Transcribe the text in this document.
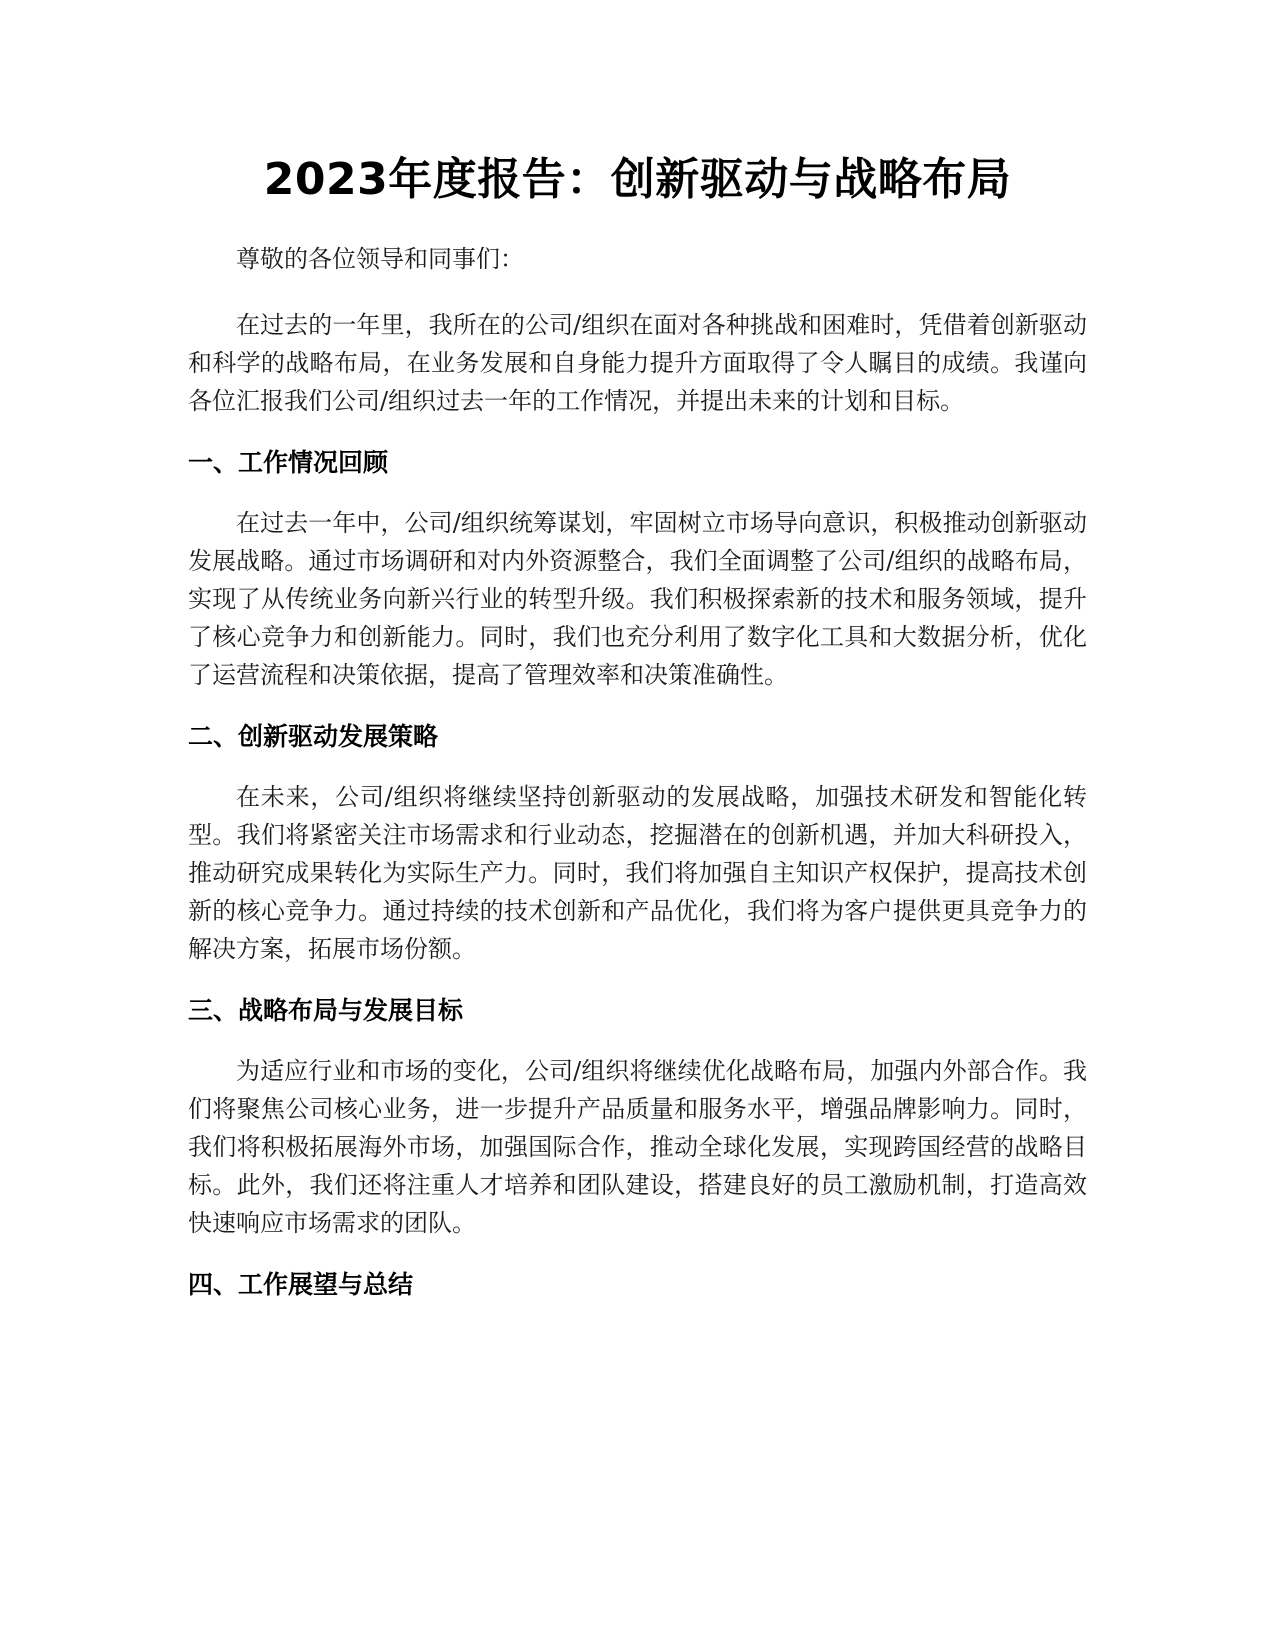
2023年度报告：创新驱动与战略布局

尊敬的各位领导和同事们：

在过去的一年里，我所在的公司/组织在面对各种挑战和困难时，凭借着创新驱动和科学的战略布局，在业务发展和自身能力提升方面取得了令人瞩目的成绩。我谨向各位汇报我们公司/组织过去一年的工作情况，并提出未来的计划和目标。

一、工作情况回顾

在过去一年中，公司/组织统筹谋划，牢固树立市场导向意识，积极推动创新驱动发展战略。通过市场调研和对内外资源整合，我们全面调整了公司/组织的战略布局，实现了从传统业务向新兴行业的转型升级。我们积极探索新的技术和服务领域，提升了核心竞争力和创新能力。同时，我们也充分利用了数字化工具和大数据分析，优化了运营流程和决策依据，提高了管理效率和决策准确性。

二、创新驱动发展策略

在未来，公司/组织将继续坚持创新驱动的发展战略，加强技术研发和智能化转型。我们将紧密关注市场需求和行业动态，挖掘潜在的创新机遇，并加大科研投入，推动研究成果转化为实际生产力。同时，我们将加强自主知识产权保护，提高技术创新的核心竞争力。通过持续的技术创新和产品优化，我们将为客户提供更具竞争力的解决方案，拓展市场份额。

三、战略布局与发展目标

为适应行业和市场的变化，公司/组织将继续优化战略布局，加强内外部合作。我们将聚焦公司核心业务，进一步提升产品质量和服务水平，增强品牌影响力。同时，我们将积极拓展海外市场，加强国际合作，推动全球化发展，实现跨国经营的战略目标。此外，我们还将注重人才培养和团队建设，搭建良好的员工激励机制，打造高效快速响应市场需求的团队。

四、工作展望与总结
